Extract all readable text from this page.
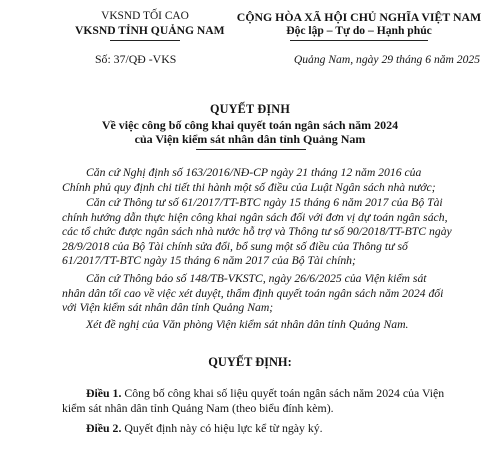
VKSND TỐI CAO
VKSND TỈNH QUẢNG NAM
Số: 37/QĐ -VKS
CỘNG HÒA XÃ HỘI CHỦ NGHĨA VIỆT NAM
Độc lập – Tự do – Hạnh phúc
Quảng Nam, ngày 29 tháng 6 năm 2025
QUYẾT ĐỊNH
Về việc công bố công khai quyết toán ngân sách năm 2024
của Viện kiểm sát nhân dân tỉnh Quảng Nam
Căn cứ Nghị định số 163/2016/NĐ-CP ngày 21 tháng 12 năm 2016 của
Chính phủ quy định chi tiết thi hành một số điều của Luật Ngân sách nhà nước;
Căn cứ Thông tư số 61/2017/TT-BTC ngày 15 tháng 6 năm 2017 của Bộ Tài
chính hướng dẫn thực hiện công khai ngân sách đối với đơn vị dự toán ngân sách,
các tổ chức được ngân sách nhà nước hỗ trợ và Thông tư số 90/2018/TT-BTC ngày
28/9/2018 của Bộ Tài chính sửa đổi, bổ sung một số điều của Thông tư số
61/2017/TT-BTC ngày 15 tháng 6 năm 2017 của Bộ Tài chính;
Căn cứ Thông báo số 148/TB-VKSTC, ngày 26/6/2025 của Viện kiểm sát
nhân dân tối cao về việc xét duyệt, thẩm định quyết toán ngân sách năm 2024 đối
với Viện kiểm sát nhân dân tỉnh Quảng Nam;
Xét đề nghị của Văn phòng Viện kiểm sát nhân dân tỉnh Quảng Nam.
QUYẾT ĐỊNH:
Điều 1. Công bố công khai số liệu quyết toán ngân sách năm 2024 của Viện
kiểm sát nhân dân tỉnh Quảng Nam (theo biểu đính kèm).
Điều 2. Quyết định này có hiệu lực kể từ ngày ký.
